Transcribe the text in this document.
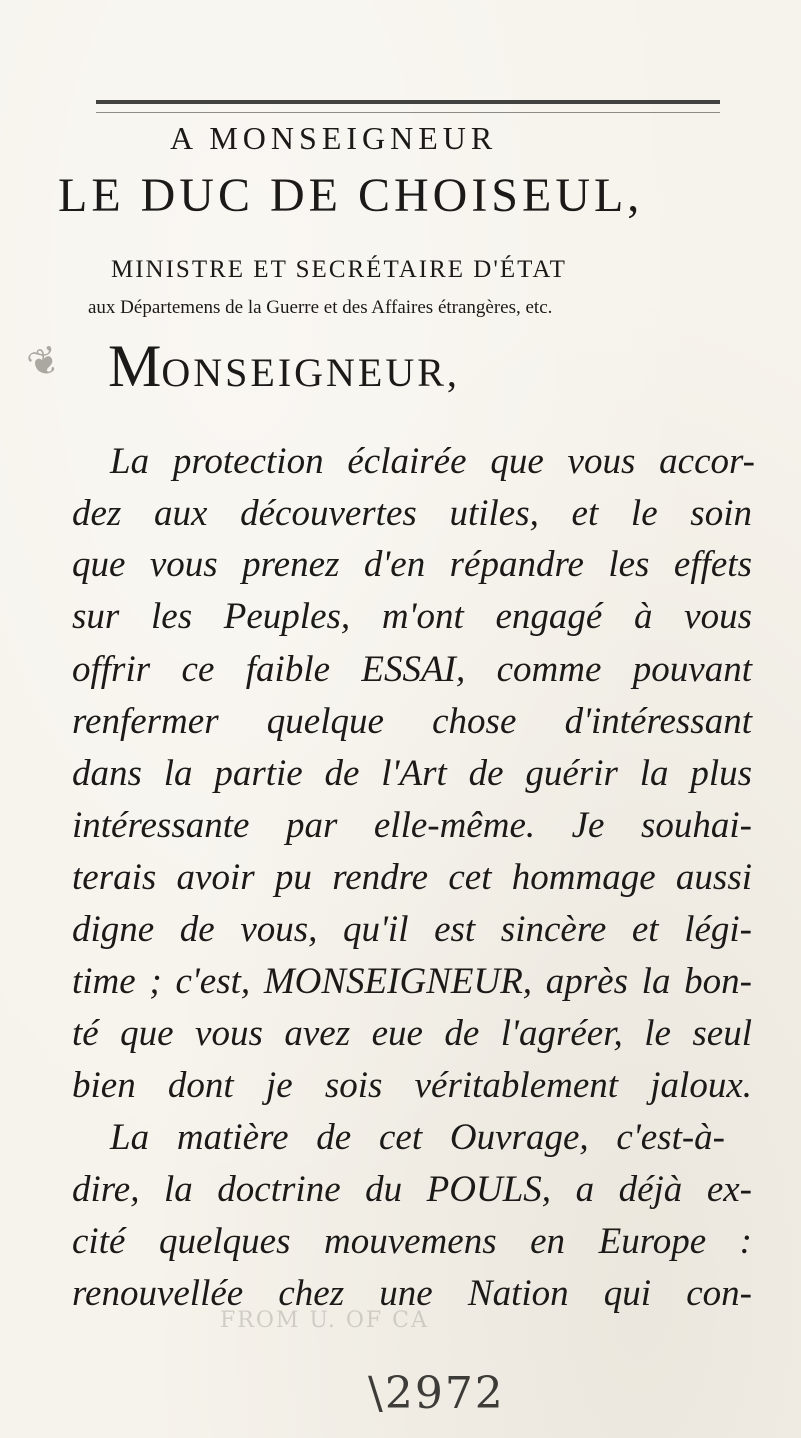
A MONSEIGNEUR
LE DUC DE CHOISEUL,
MINISTRE ET SECRÉTAIRE D'ÉTAT
aux Départemens de la Guerre et des Affaires étrangères, etc.
❦ MONSEIGNEUR,
La protection éclairée que vous accor-
dez aux découvertes utiles, et le soin
que vous prenez d'en répandre les effets
sur les Peuples, m'ont engagé à vous
offrir ce faible ESSAI, comme pouvant
renfermer quelque chose d'intéressant
dans la partie de l'Art de guérir la plus
intéressante par elle-même. Je souhai-
terais avoir pu rendre cet hommage aussi
digne de vous, qu'il est sincère et légi-
time ; c'est, MONSEIGNEUR, après la bon-
té que vous avez eue de l'agréer, le seul
bien dont je sois véritablement jaloux.
La matière de cet Ouvrage, c'est-à-
dire, la doctrine du POULS, a déjà ex-
cité quelques mouvemens en Europe :
renouvellée chez une Nation qui con-
FROM U. OF CA
\2972
